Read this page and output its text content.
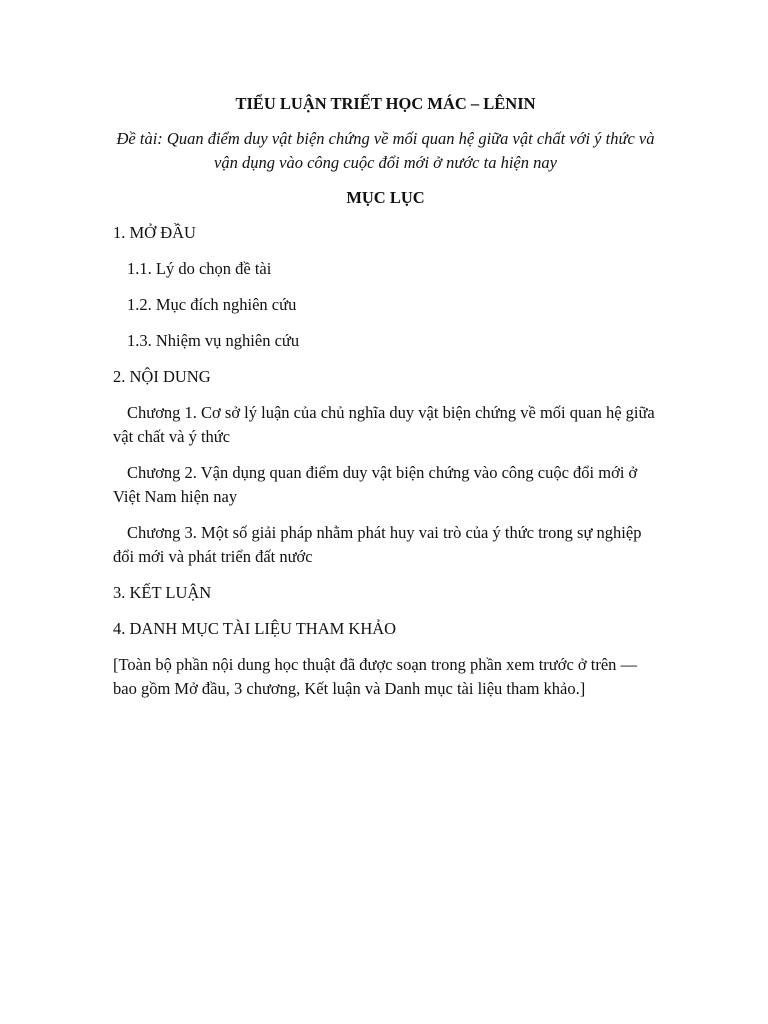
TIỂU LUẬN TRIẾT HỌC MÁC – LÊNIN

Đề tài: Quan điểm duy vật biện chứng về mối quan hệ giữa vật chất với ý thức và vận dụng vào công cuộc đổi mới ở nước ta hiện nay

MỤC LỤC

1. MỞ ĐẦU

1.1. Lý do chọn đề tài

1.2. Mục đích nghiên cứu

1.3. Nhiệm vụ nghiên cứu

2. NỘI DUNG

Chương 1. Cơ sở lý luận của chủ nghĩa duy vật biện chứng về mối quan hệ giữa vật chất và ý thức

Chương 2. Vận dụng quan điểm duy vật biện chứng vào công cuộc đổi mới ở Việt Nam hiện nay

Chương 3. Một số giải pháp nhằm phát huy vai trò của ý thức trong sự nghiệp đổi mới và phát triển đất nước

3. KẾT LUẬN

4. DANH MỤC TÀI LIỆU THAM KHẢO

[Toàn bộ phần nội dung học thuật đã được soạn trong phần xem trước ở trên — bao gồm Mở đầu, 3 chương, Kết luận và Danh mục tài liệu tham khảo.]
